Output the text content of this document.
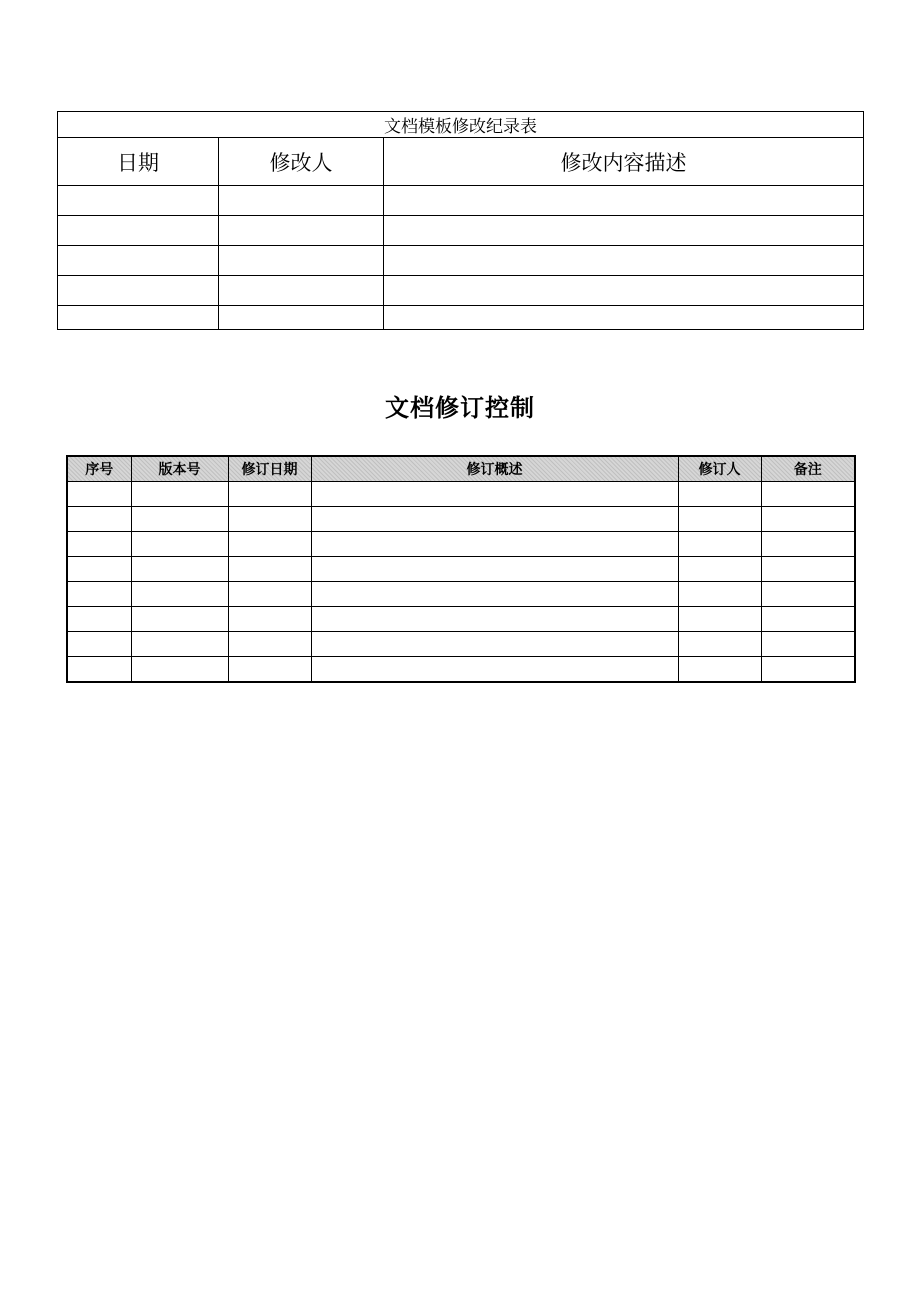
文档模板修改纪录表		
日期	修改人	修改内容描述

文档修订控制
序号	版本号	修订日期	修订概述	修订人	备注
